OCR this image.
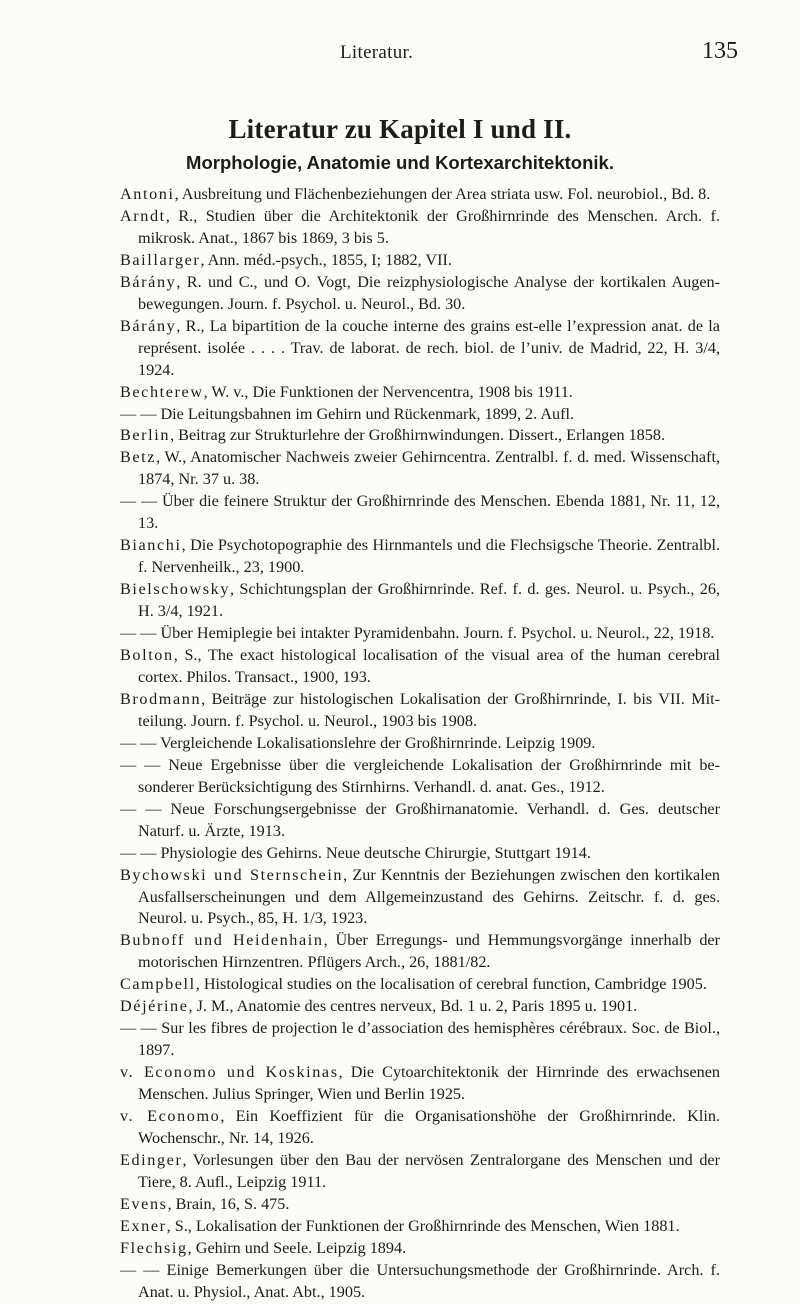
Literatur.	135
Literatur zu Kapitel I und II.
Morphologie, Anatomie und Kortexarchitektonik.

Antoni, Ausbreitung und Flächenbeziehungen der Area striata usw. Fol. neurobiol., Bd. 8.

Arndt, R., Studien über die Architektonik der Großhirnrinde des Menschen. Arch. f. mikrosk. Anat., 1867 bis 1869, 3 bis 5.

Baillarger, Ann. méd.-psych., 1855, I; 1882, VII.

Bárány, R. und C., und O. Vogt, Die reizphysiologische Analyse der kortikalen Augenbewegungen. Journ. f. Psychol. u. Neurol., Bd. 30.

Bárány, R., La bipartition de la couche interne des grains est-elle l’expression anat. de la représent. isolée . . . . Trav. de laborat. de rech. biol. de l’univ. de Madrid, 22, H. 3/4, 1924.

Bechterew, W. v., Die Funktionen der Nervencentra, 1908 bis 1911.

— — Die Leitungsbahnen im Gehirn und Rückenmark, 1899, 2. Aufl.

Berlin, Beitrag zur Strukturlehre der Großhirnwindungen. Dissert., Erlangen 1858.

Betz, W., Anatomischer Nachweis zweier Gehirncentra. Zentralbl. f. d. med. Wissenschaft, 1874, Nr. 37 u. 38.

— — Über die feinere Struktur der Großhirnrinde des Menschen. Ebenda 1881, Nr. 11, 12, 13.

Bianchi, Die Psychotopographie des Hirnmantels und die Flechsigsche Theorie. Zentralbl. f. Nervenheilk., 23, 1900.

Bielschowsky, Schichtungsplan der Großhirnrinde. Ref. f. d. ges. Neurol. u. Psych., 26, H. 3/4, 1921.

— — Über Hemiplegie bei intakter Pyramidenbahn. Journ. f. Psychol. u. Neurol., 22, 1918.

Bolton, S., The exact histological localisation of the visual area of the human cerebral cortex. Philos. Transact., 1900, 193.

Brodmann, Beiträge zur histologischen Lokalisation der Großhirnrinde, I. bis VII. Mitteilung. Journ. f. Psychol. u. Neurol., 1903 bis 1908.

— — Vergleichende Lokalisationslehre der Großhirnrinde. Leipzig 1909.

— — Neue Ergebnisse über die vergleichende Lokalisation der Großhirnrinde mit besonderer Berücksichtigung des Stirnhirns. Verhandl. d. anat. Ges., 1912.

— — Neue Forschungsergebnisse der Großhirnanatomie. Verhandl. d. Ges. deutscher Naturf. u. Ärzte, 1913.

— — Physiologie des Gehirns. Neue deutsche Chirurgie, Stuttgart 1914.

Bychowski und Sternschein, Zur Kenntnis der Beziehungen zwischen den kortikalen Ausfallserscheinungen und dem Allgemeinzustand des Gehirns. Zeitschr. f. d. ges. Neurol. u. Psych., 85, H. 1/3, 1923.

Bubnoff und Heidenhain, Über Erregungs- und Hemmungsvorgänge innerhalb der motorischen Hirnzentren. Pflügers Arch., 26, 1881/82.

Campbell, Histological studies on the localisation of cerebral function, Cambridge 1905.

Déjérine, J. M., Anatomie des centres nerveux, Bd. 1 u. 2, Paris 1895 u. 1901.

— — Sur les fibres de projection le d’association des hemisphères cérébraux. Soc. de Biol., 1897.

v. Economo und Koskinas, Die Cytoarchitektonik der Hirnrinde des erwachsenen Menschen. Julius Springer, Wien und Berlin 1925.

v. Economo, Ein Koeffizient für die Organisationshöhe der Großhirnrinde. Klin. Wochenschr., Nr. 14, 1926.

Edinger, Vorlesungen über den Bau der nervösen Zentralorgane des Menschen und der Tiere, 8. Aufl., Leipzig 1911.

Evens, Brain, 16, S. 475.

Exner, S., Lokalisation der Funktionen der Großhirnrinde des Menschen, Wien 1881.

Flechsig, Gehirn und Seele. Leipzig 1894.

— — Einige Bemerkungen über die Untersuchungsmethode der Großhirnrinde. Arch. f. Anat. u. Physiol., Anat. Abt., 1905.
